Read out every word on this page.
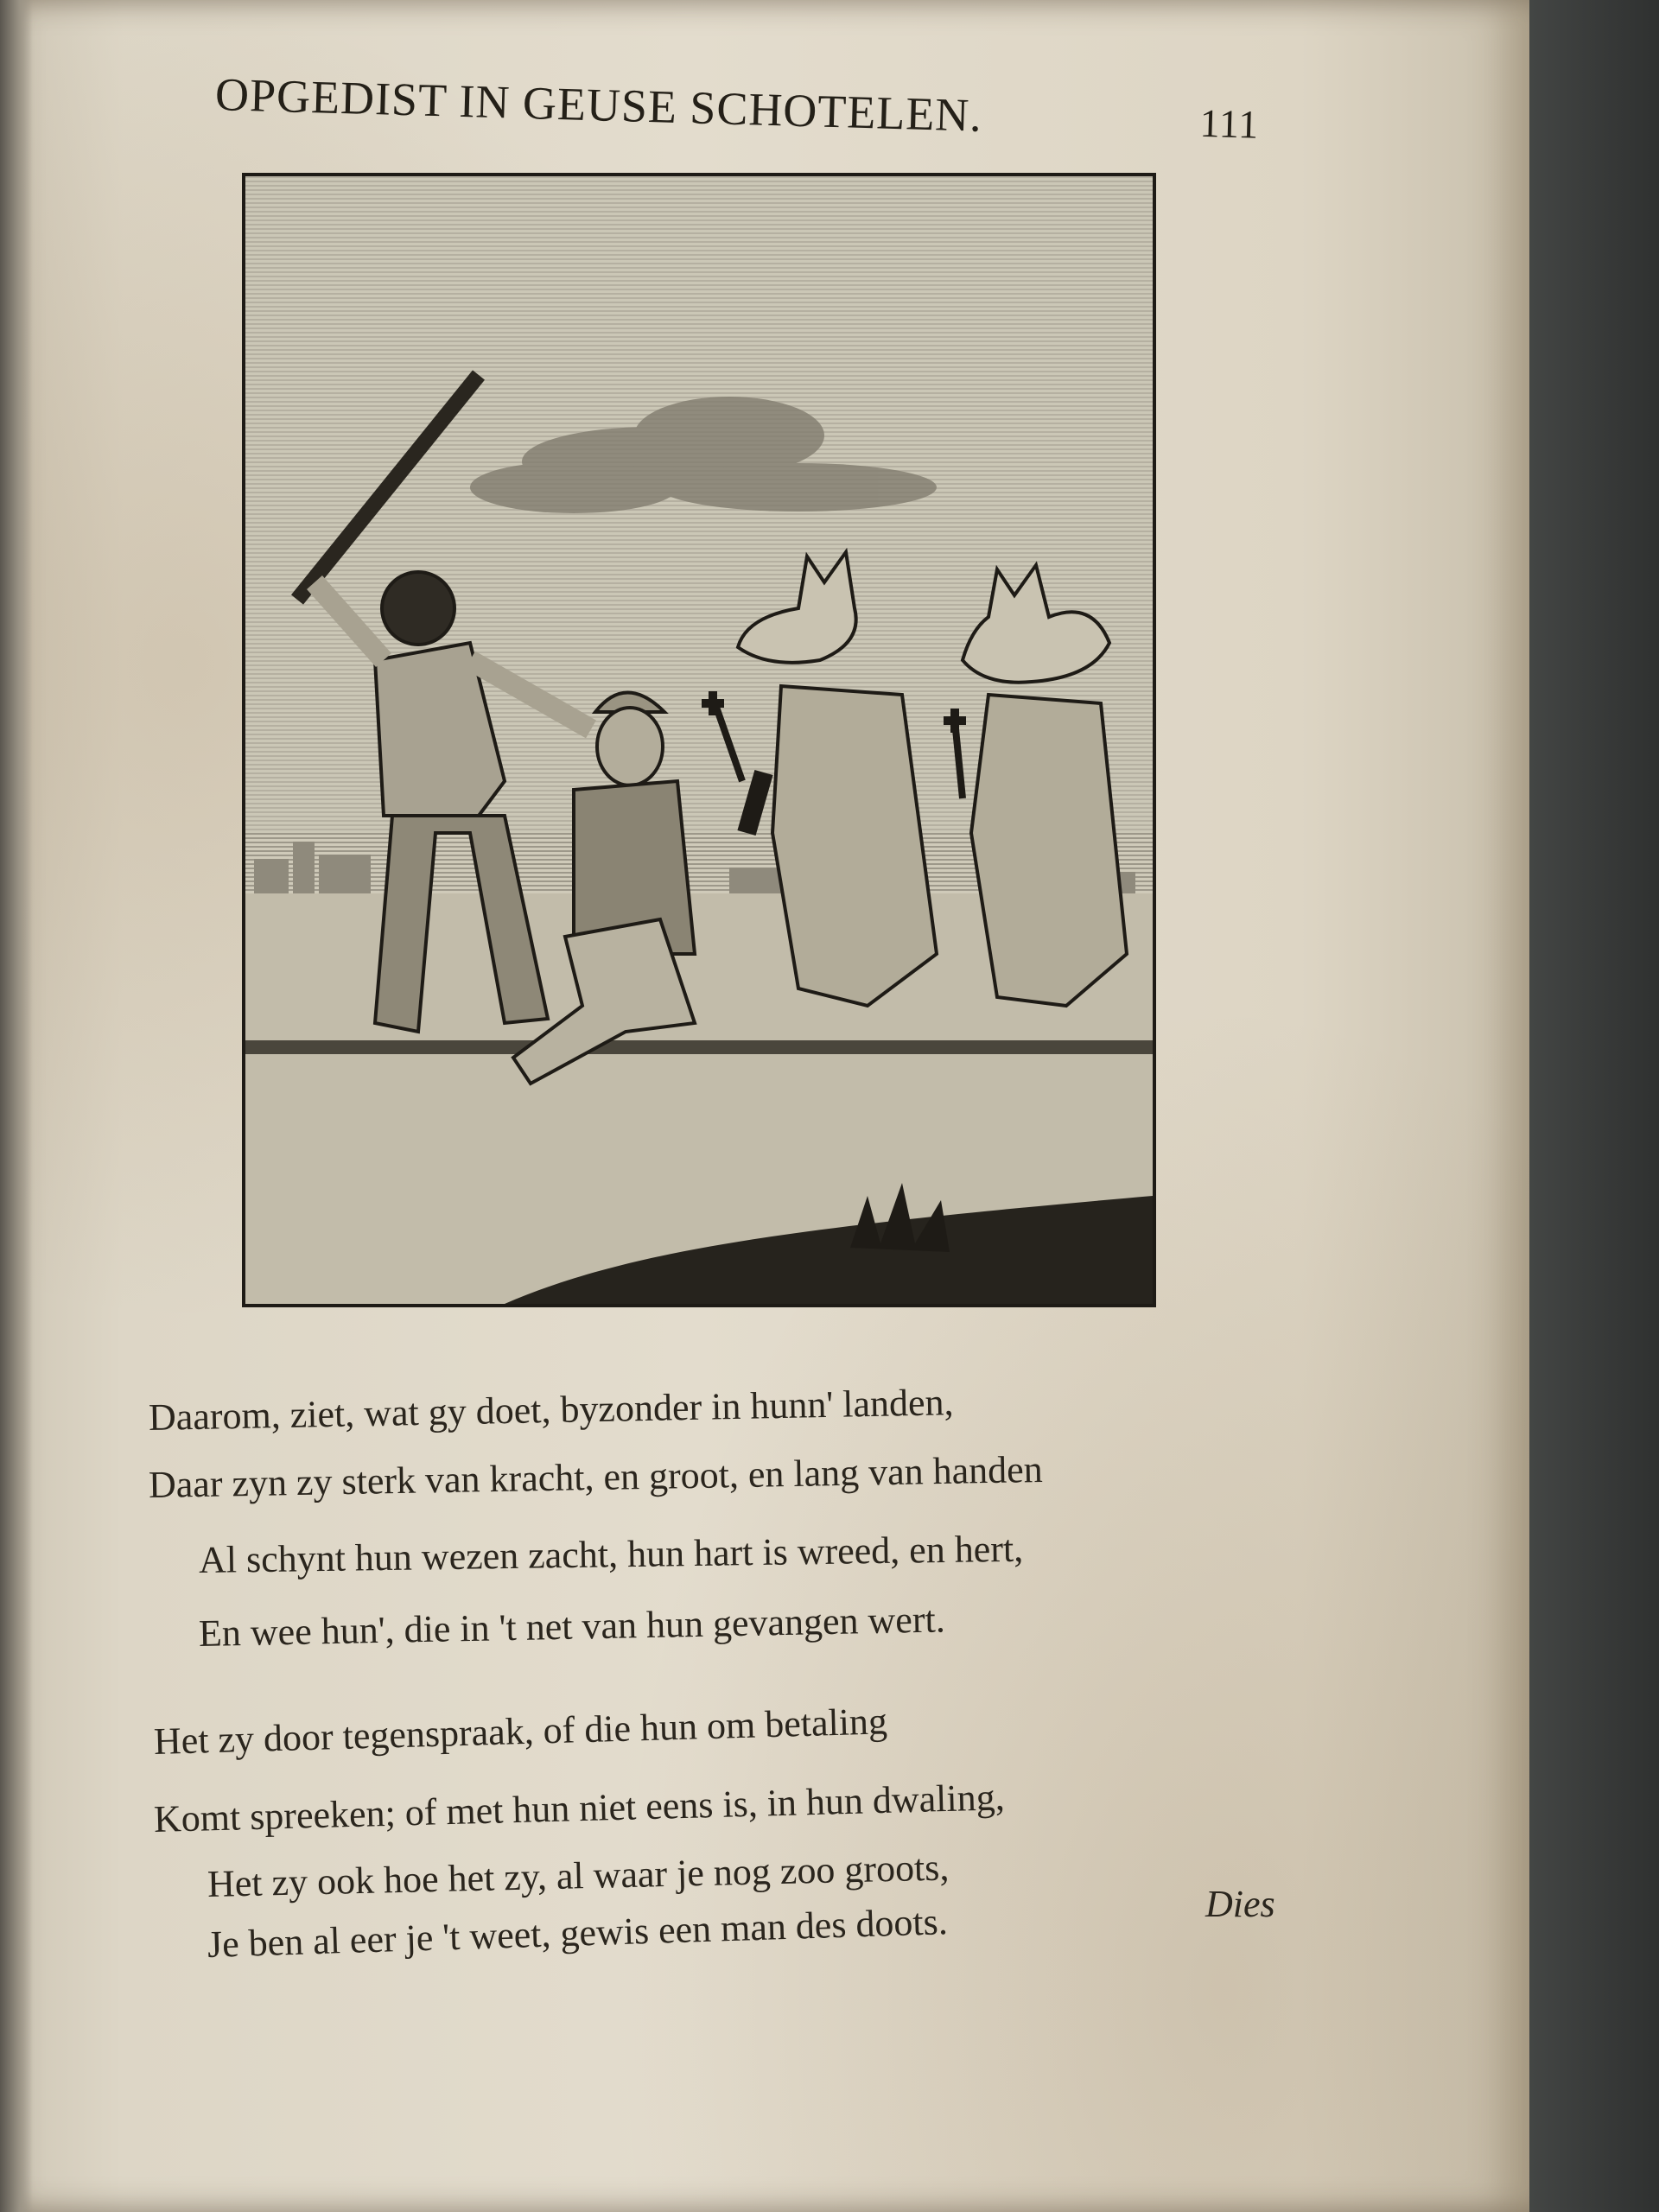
OPGEDIST IN GEUSE SCHOTELEN.	111
Daarom, ziet, wat gy doet, byzonder in hunn' landen,
Daar zyn zy sterk van kracht, en groot, en lang van handen
Al schynt hun wezen zacht, hun hart is wreed, en hert,
En wee hun', die in 't net van hun gevangen wert.
Het zy door tegenspraak, of die hun om betaling
Komt spreeken; of met hun niet eens is, in hun dwaling,
Het zy ook hoe het zy, al waar je nog zoo groots,
Je ben al eer je 't weet, gewis een man des doots.	Dies
